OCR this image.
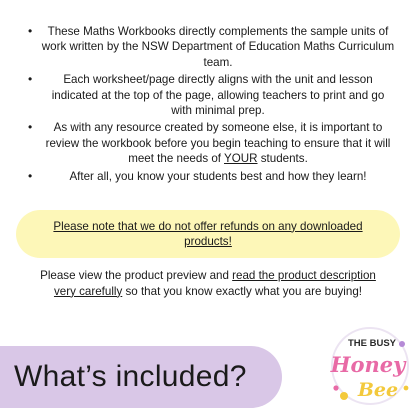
• These Maths Workbooks directly complements the sample units of work written by the NSW Department of Education Maths Curriculum team.
•	Each worksheet/page directly aligns with the unit and lesson indicated at the top of the page, allowing teachers to print and go with minimal prep.
• As with any resource created by someone else, it is important to review the workbook before you begin teaching to ensure that it will meet the needs of YOUR students.
•	After all, you know your students best and how they learn!
Please note that we do not offer refunds on any downloaded products!

Please view the product preview and read the product description very carefully so that you know exactly what you are buying!

What’s included?
THE BUSY
Honey
Bee
